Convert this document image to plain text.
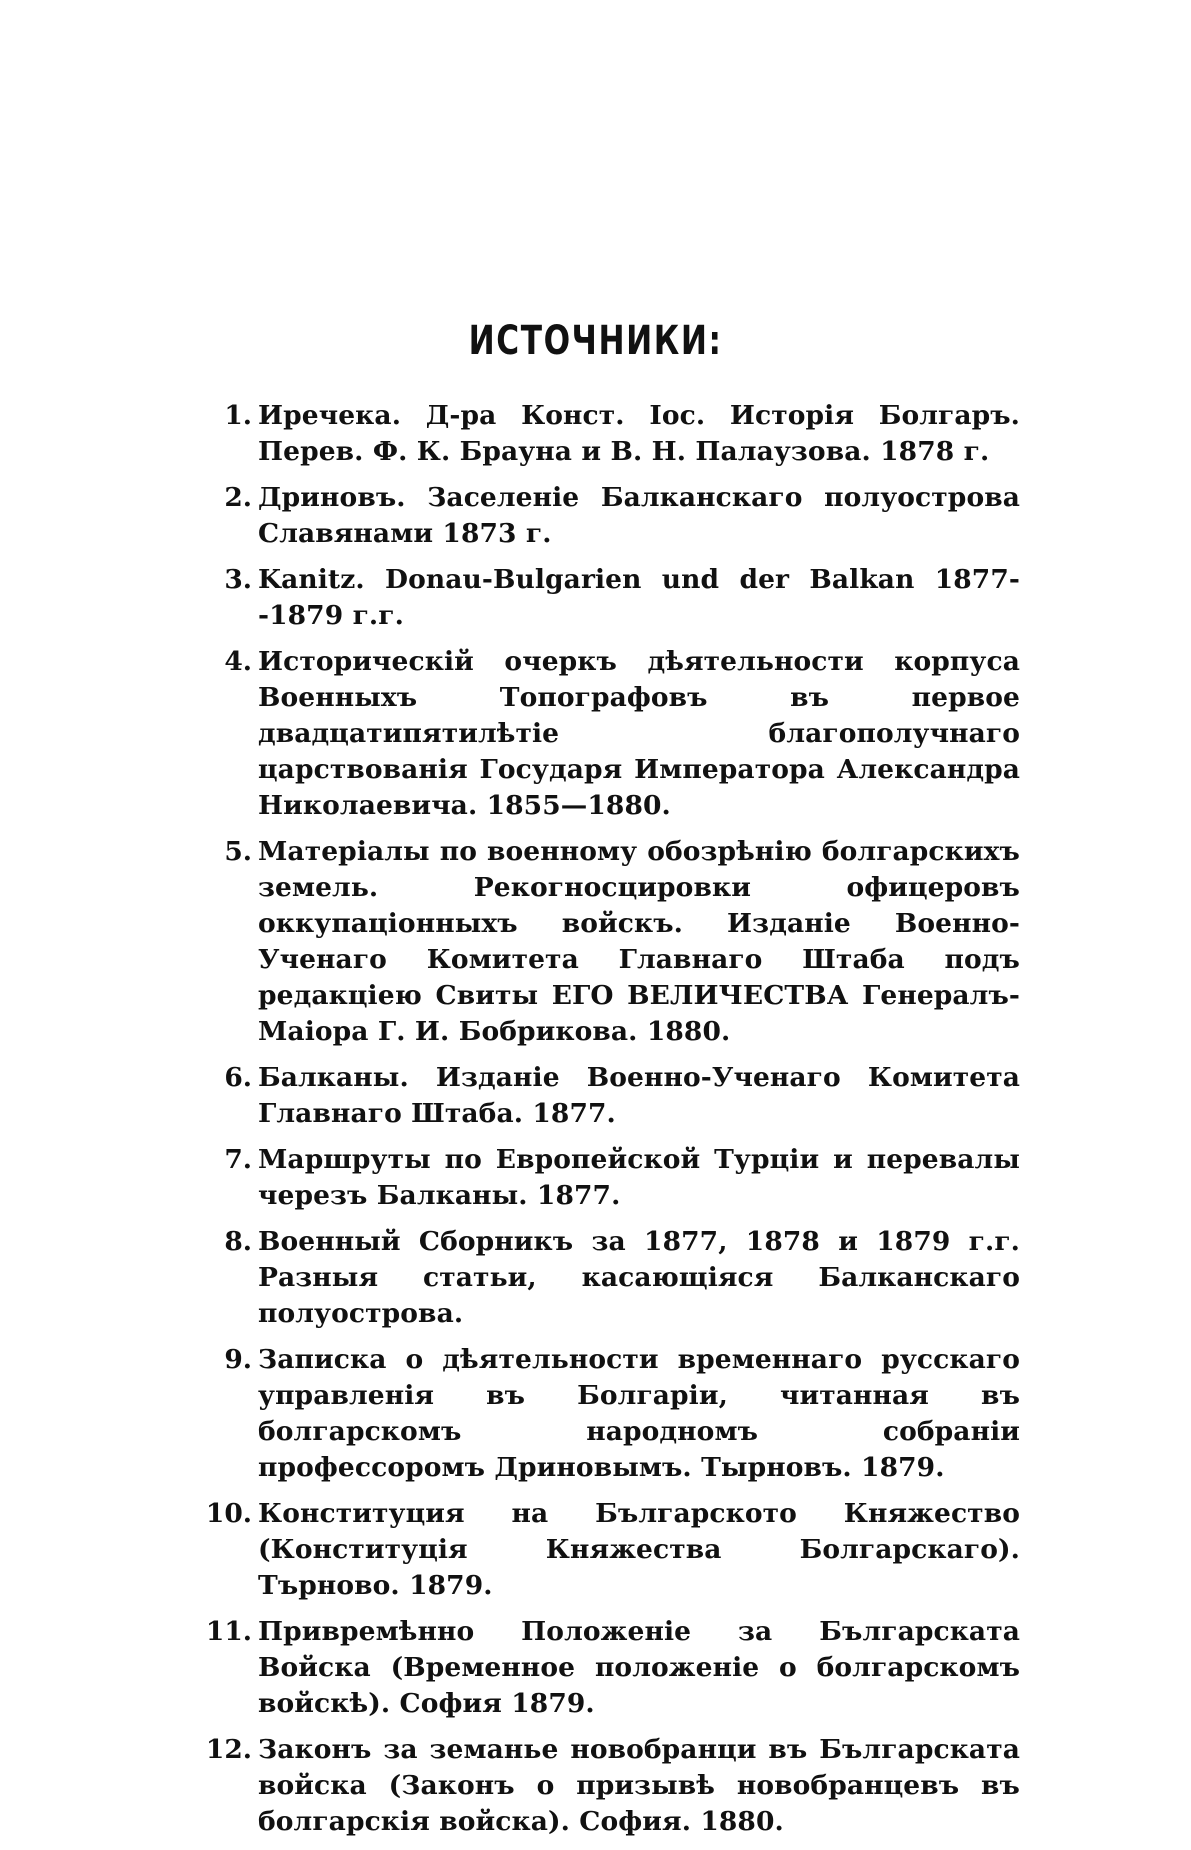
ИСТОЧНИКИ:
1. Иречека. Д-ра Конст. Іос. Исторія Болгаръ. Перев. Ф. К. Брауна и В. Н. Палаузова. 1878 г.
2. Дриновъ. Заселеніе Балканскаго полуострова Славянами 1873 г.
3. Kanitz. Donau-Bulgarien und der Balkan 1877--1879 г.г.
4. Историческій очеркъ дѣятельности корпуса Военныхъ Топографовъ въ первое двадцатипятилѣтіе благополучнаго царствованія Государя Императора Александра Николаевича. 1855—1880.
5. Матеріалы по военному обозрѣнію болгарскихъ земель. Рекогносцировки офицеровъ оккупаціонныхъ войскъ. Изданіе Военно-Ученаго Комитета Главнаго Штаба подъ редакціею Свиты ЕГО ВЕЛИЧЕСТВА Генералъ-Маіора Г. И. Бобрикова. 1880.
6. Балканы. Изданіе Военно-Ученаго Комитета Главнаго Штаба. 1877.
7. Маршруты по Европейской Турціи и перевалы черезъ Балканы. 1877.
8. Военный Сборникъ за 1877, 1878 и 1879 г.г. Разныя статьи, касающіяся Балканскаго полуострова.
9. Записка о дѣятельности временнаго русскаго управленія въ Болгаріи, читанная въ болгарскомъ народномъ собраніи профессоромъ Дриновымъ. Тырновъ. 1879.
10. Конституция на Българското Княжество (Конституція Княжества Болгарскаго). Търново. 1879.
11. Привремѣнно Положеніе за Българската Войска (Временное положеніе о болгарскомъ войскѣ). София 1879.
12. Законъ за земанье новобранци въ Българската войска (Законъ о призывѣ новобранцевъ въ болгарскія войска). София. 1880.
